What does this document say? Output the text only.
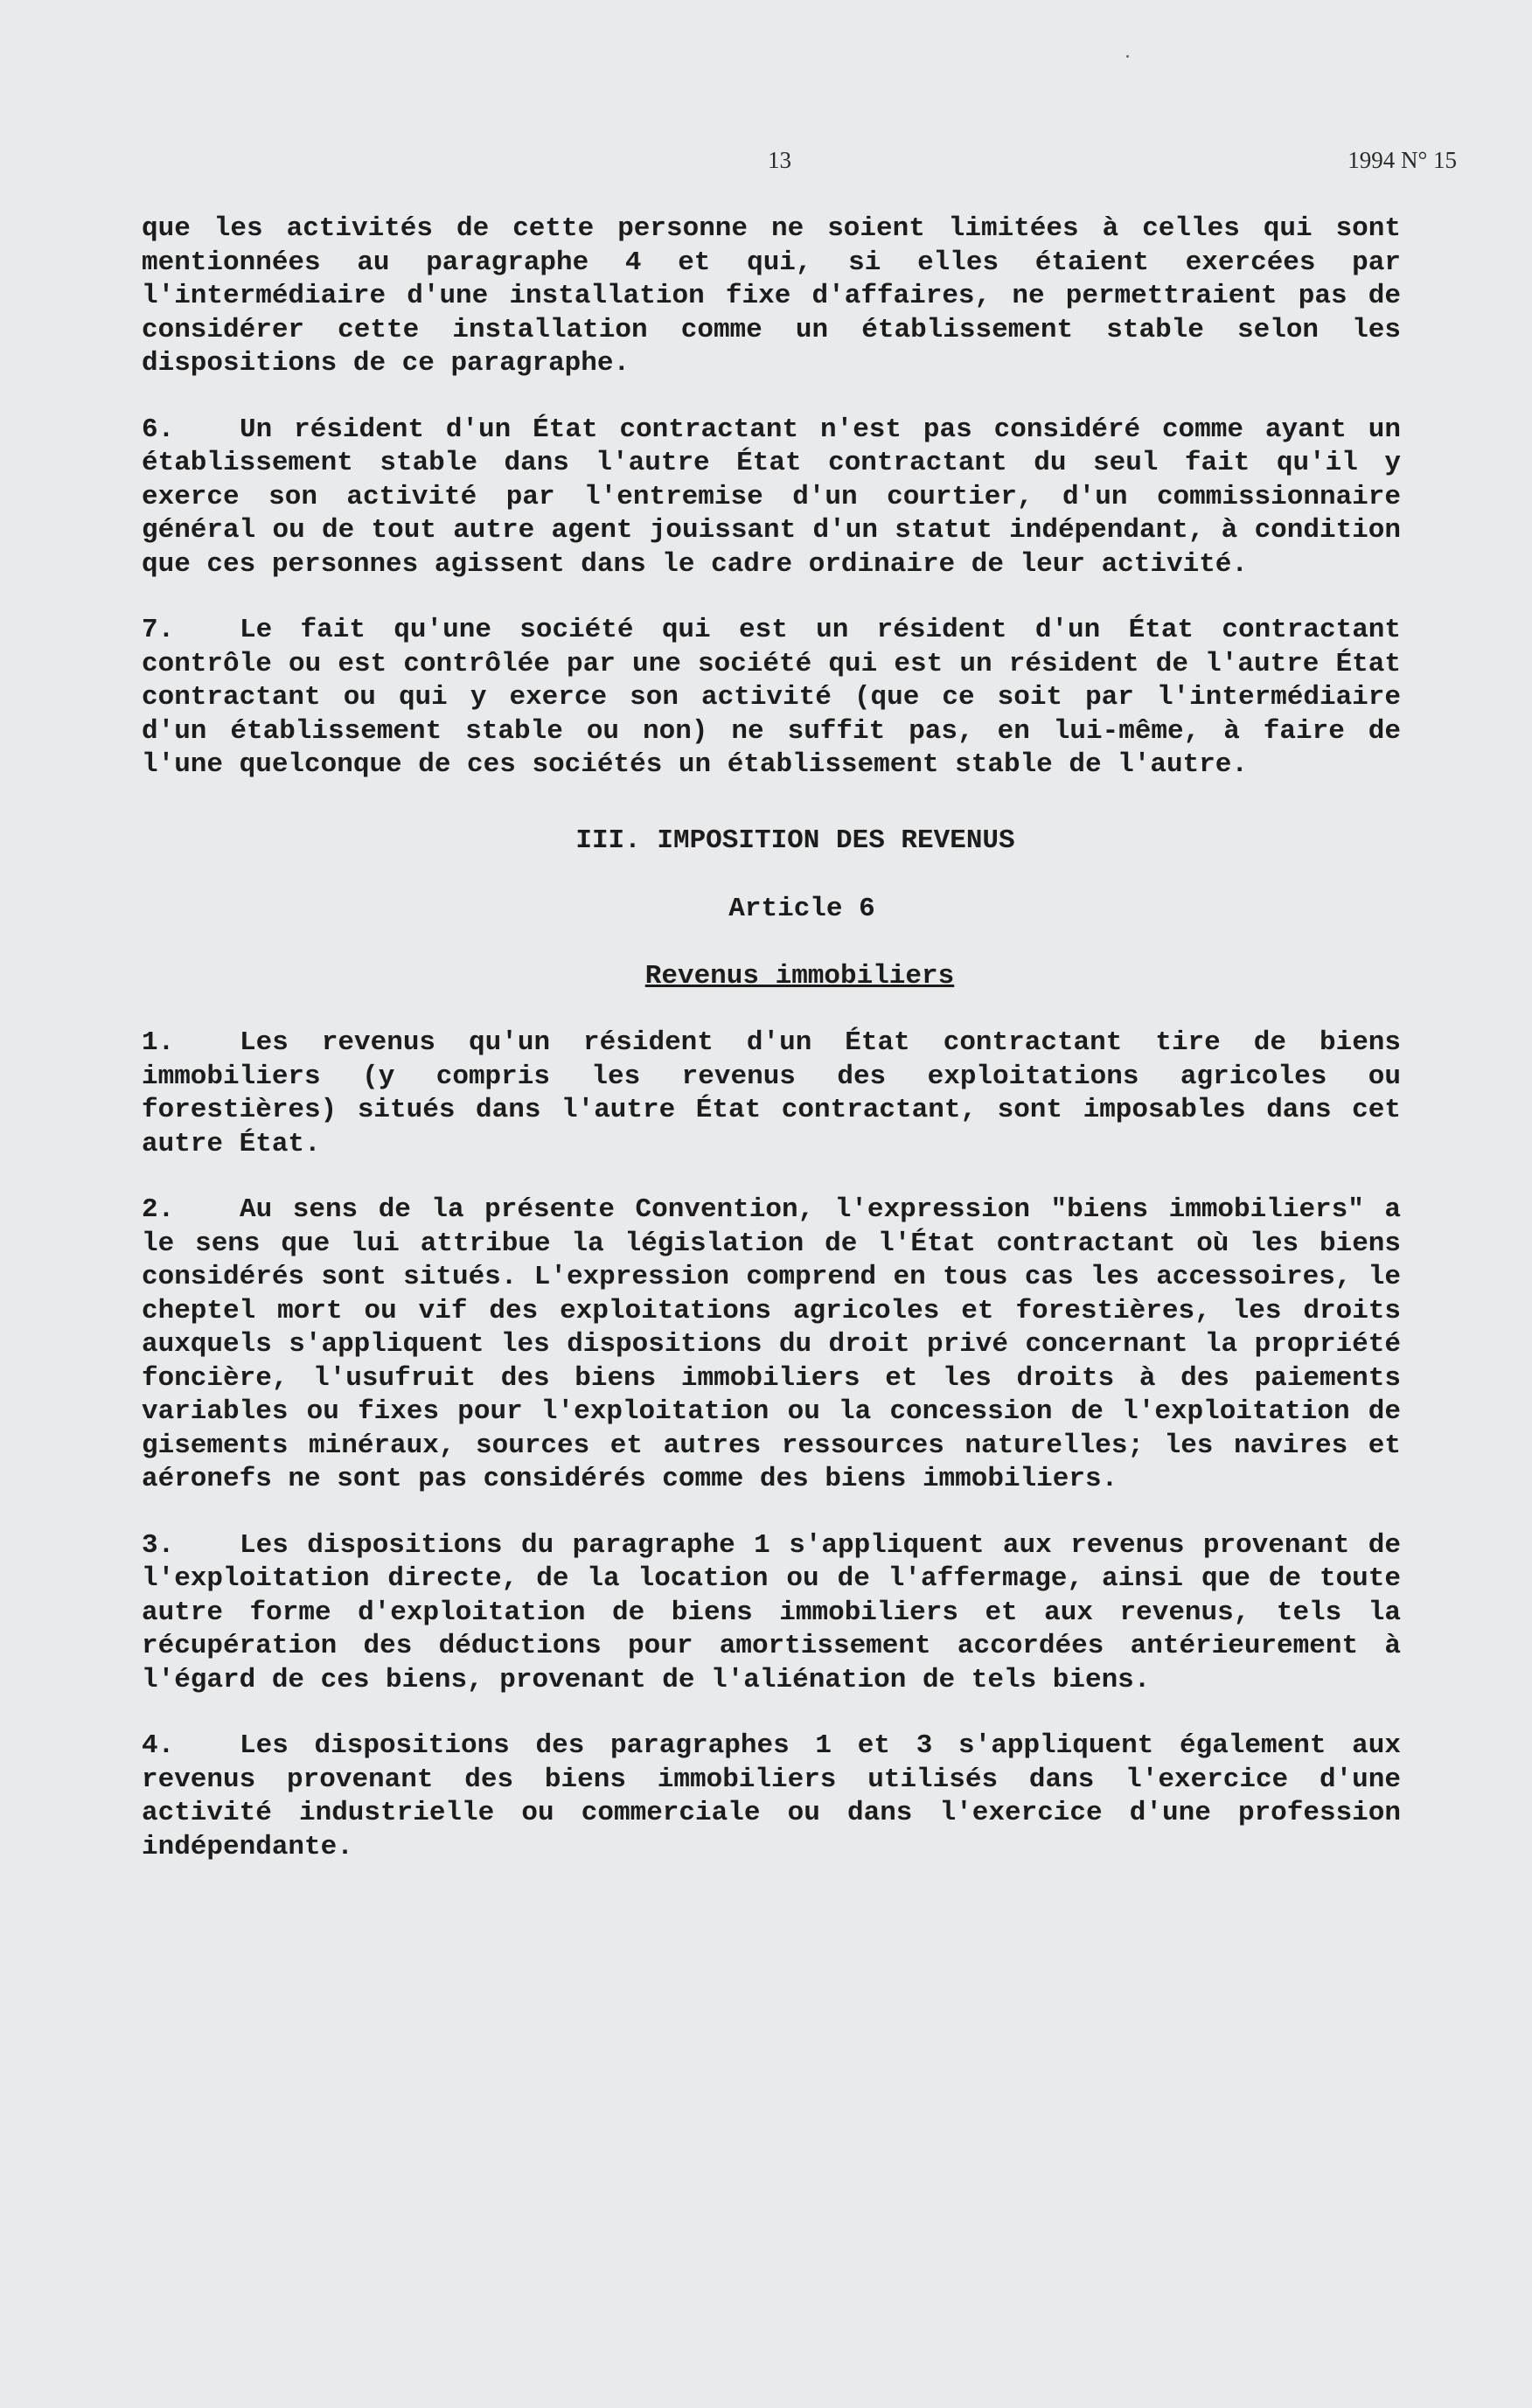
13	1994 N° 15

que les activités de cette personne ne soient limitées à celles qui sont mentionnées au paragraphe 4 et qui, si elles étaient exercées par l'intermédiaire d'une installation fixe d'affaires, ne permettraient pas de considérer cette installation comme un établissement stable selon les dispositions de ce paragraphe.

6. Un résident d'un État contractant n'est pas considéré comme ayant un établissement stable dans l'autre État contractant du seul fait qu'il y exerce son activité par l'entremise d'un courtier, d'un commissionnaire général ou de tout autre agent jouissant d'un statut indépendant, à condition que ces personnes agissent dans le cadre ordinaire de leur activité.

7. Le fait qu'une société qui est un résident d'un État contractant contrôle ou est contrôlée par une société qui est un résident de l'autre État contractant ou qui y exerce son activité (que ce soit par l'intermédiaire d'un établissement stable ou non) ne suffit pas, en lui-même, à faire de l'une quelconque de ces sociétés un établissement stable de l'autre.

III. IMPOSITION DES REVENUS
Article 6
Revenus immobiliers

1. Les revenus qu'un résident d'un État contractant tire de biens immobiliers (y compris les revenus des exploitations agricoles ou forestières) situés dans l'autre État contractant, sont imposables dans cet autre État.

2. Au sens de la présente Convention, l'expression "biens immobiliers" a le sens que lui attribue la législation de l'État contractant où les biens considérés sont situés. L'expression comprend en tous cas les accessoires, le cheptel mort ou vif des exploitations agricoles et forestières, les droits auxquels s'appliquent les dispositions du droit privé concernant la propriété foncière, l'usufruit des biens immobiliers et les droits à des paiements variables ou fixes pour l'exploitation ou la concession de l'exploitation de gisements minéraux, sources et autres ressources naturelles; les navires et aéronefs ne sont pas considérés comme des biens immobiliers.

3. Les dispositions du paragraphe 1 s'appliquent aux revenus provenant de l'exploitation directe, de la location ou de l'affermage, ainsi que de toute autre forme d'exploitation de biens immobiliers et aux revenus, tels la récupération des déductions pour amortissement accordées antérieurement à l'égard de ces biens, provenant de l'aliénation de tels biens.

4. Les dispositions des paragraphes 1 et 3 s'appliquent également aux revenus provenant des biens immobiliers utilisés dans l'exercice d'une activité industrielle ou commerciale ou dans l'exercice d'une profession indépendante.
